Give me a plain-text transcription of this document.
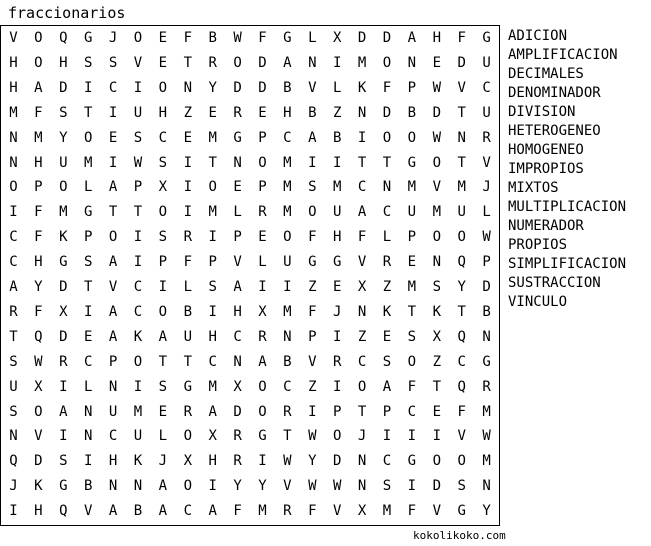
fraccionarios
V	O	Q	G	J	O	E	F	B	W	F	G	L	X	D	D	A	H	F	G
H	O	H	S	S	V	E	T	R	O	D	A	N	I	M	O	N	E	D	U
H	A	D	I	C	I	O	N	Y	D	D	B	V	L	K	F	P	W	V	C
M	F	S	T	I	U	H	Z	E	R	E	H	B	Z	N	D	B	D	T	U
N	M	Y	O	E	S	C	E	M	G	P	C	A	B	I	O	O	W	N	R
N	H	U	M	I	W	S	I	T	N	O	M	I	I	T	T	G	O	T	V
O	P	O	L	A	P	X	I	O	E	P	M	S	M	C	N	M	V	M	J
I	F	M	G	T	T	O	I	M	L	R	M	O	U	A	C	U	M	U	L
C	F	K	P	O	I	S	R	I	P	E	O	F	H	F	L	P	O	O	W
C	H	G	S	A	I	P	F	P	V	L	U	G	G	V	R	E	N	Q	P
A	Y	D	T	V	C	I	L	S	A	I	I	Z	E	X	Z	M	S	Y	D
R	F	X	I	A	C	O	B	I	H	X	M	F	J	N	K	T	K	T	B
T	Q	D	E	A	K	A	U	H	C	R	N	P	I	Z	E	S	X	Q	N
S	W	R	C	P	O	T	T	C	N	A	B	V	R	C	S	O	Z	C	G
U	X	I	L	N	I	S	G	M	X	O	C	Z	I	O	A	F	T	Q	R
S	O	A	N	U	M	E	R	A	D	O	R	I	P	T	P	C	E	F	M
N	V	I	N	C	U	L	O	X	R	G	T	W	O	J	I	I	I	V	W
Q	D	S	I	H	K	J	X	H	R	I	W	Y	D	N	C	G	O	O	M
J	K	G	B	N	N	A	O	I	Y	Y	V	W	W	N	S	I	D	S	N
I	H	Q	V	A	B	A	C	A	F	M	R	F	V	X	M	F	V	G	Y
ADICION
AMPLIFICACION
DECIMALES
DENOMINADOR
DIVISION
HETEROGENEO
HOMOGENEO
IMPROPIOS
MIXTOS
MULTIPLICACION
NUMERADOR
PROPIOS
SIMPLIFICACION
SUSTRACCION
VINCULO
kokolikoko.com
